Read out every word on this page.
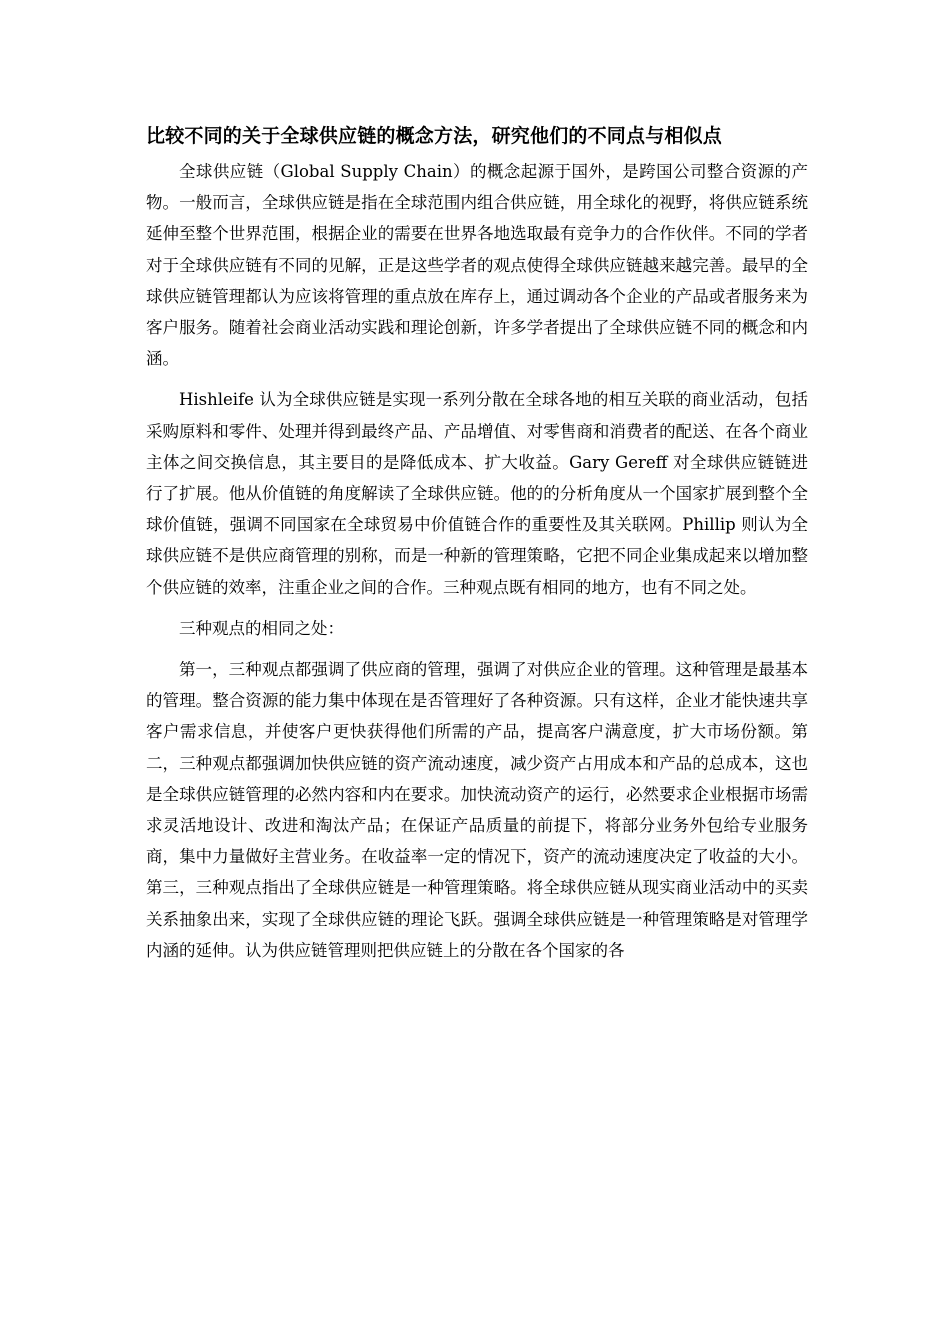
比较不同的关于全球供应链的概念方法，研究他们的不同点与相似点

全球供应链（Global Supply Chain）的概念起源于国外，是跨国公司整合资源的产物。一般而言，全球供应链是指在全球范围内组合供应链，用全球化的视野，将供应链系统延伸至整个世界范围，根据企业的需要在世界各地选取最有竞争力的合作伙伴。不同的学者对于全球供应链有不同的见解，正是这些学者的观点使得全球供应链越来越完善。最早的全球供应链管理都认为应该将管理的重点放在库存上，通过调动各个企业的产品或者服务来为客户服务。随着社会商业活动实践和理论创新，许多学者提出了全球供应链不同的概念和内涵。

Hishleife 认为全球供应链是实现一系列分散在全球各地的相互关联的商业活动，包括采购原料和零件、处理并得到最终产品、产品增值、对零售商和消费者的配送、在各个商业主体之间交换信息，其主要目的是降低成本、扩大收益。Gary Gereff 对全球供应链链进行了扩展。他从价值链的角度解读了全球供应链。他的的分析角度从一个国家扩展到整个全球价值链，强调不同国家在全球贸易中价值链合作的重要性及其关联网。Phillip 则认为全球供应链不是供应商管理的别称，而是一种新的管理策略，它把不同企业集成起来以增加整个供应链的效率，注重企业之间的合作。三种观点既有相同的地方，也有不同之处。

三种观点的相同之处：

第一，三种观点都强调了供应商的管理，强调了对供应企业的管理。这种管理是最基本的管理。整合资源的能力集中体现在是否管理好了各种资源。只有这样，企业才能快速共享客户需求信息，并使客户更快获得他们所需的产品，提高客户满意度，扩大市场份额。第二，三种观点都强调加快供应链的资产流动速度，减少资产占用成本和产品的总成本，这也是全球供应链管理的必然内容和内在要求。加快流动资产的运行，必然要求企业根据市场需求灵活地设计、改进和淘汰产品；在保证产品质量的前提下，将部分业务外包给专业服务商，集中力量做好主营业务。在收益率一定的情况下，资产的流动速度决定了收益的大小。第三，三种观点指出了全球供应链是一种管理策略。将全球供应链从现实商业活动中的买卖关系抽象出来，实现了全球供应链的理论飞跃。强调全球供应链是一种管理策略是对管理学内涵的延伸。认为供应链管理则把供应链上的分散在各个国家的各
